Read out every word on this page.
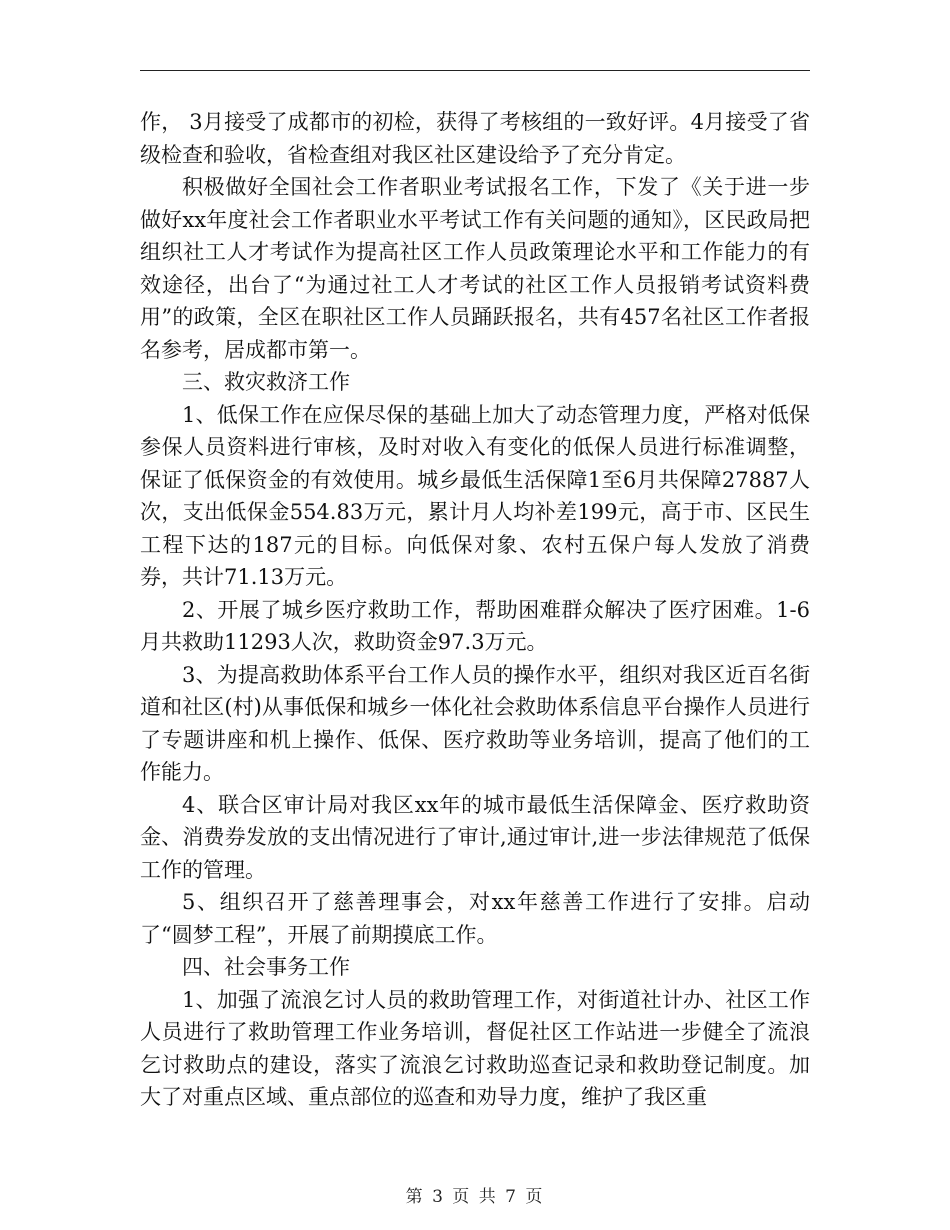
作， 3月接受了成都市的初检，获得了考核组的一致好评。4月接受了省级检查和验收，省检查组对我区社区建设给予了充分肯定。

积极做好全国社会工作者职业考试报名工作，下发了《关于进一步做好xx年度社会工作者职业水平考试工作有关问题的通知》，区民政局把组织社工人才考试作为提高社区工作人员政策理论水平和工作能力的有效途径，出台了“为通过社工人才考试的社区工作人员报销考试资料费用”的政策，全区在职社区工作人员踊跃报名，共有457名社区工作者报名参考，居成都市第一。

三、救灾救济工作

1、低保工作在应保尽保的基础上加大了动态管理力度，严格对低保参保人员资料进行审核，及时对收入有变化的低保人员进行标准调整，保证了低保资金的有效使用。城乡最低生活保障1至6月共保障27887人次，支出低保金554.83万元，累计月人均补差199元，高于市、区民生工程下达的187元的目标。向低保对象、农村五保户每人发放了消费券，共计71.13万元。

2、开展了城乡医疗救助工作，帮助困难群众解决了医疗困难。1-6月共救助11293人次，救助资金97.3万元。

3、为提高救助体系平台工作人员的操作水平，组织对我区近百名街道和社区(村)从事低保和城乡一体化社会救助体系信息平台操作人员进行了专题讲座和机上操作、低保、医疗救助等业务培训，提高了他们的工作能力。

4、联合区审计局对我区xx年的城市最低生活保障金、医疗救助资金、消费券发放的支出情况进行了审计,通过审计,进一步法律规范了低保工作的管理。

5、组织召开了慈善理事会，对xx年慈善工作进行了安排。启动了“圆梦工程”，开展了前期摸底工作。

四、社会事务工作

1、加强了流浪乞讨人员的救助管理工作，对街道社计办、社区工作人员进行了救助管理工作业务培训，督促社区工作站进一步健全了流浪乞讨救助点的建设，落实了流浪乞讨救助巡查记录和救助登记制度。加大了对重点区域、重点部位的巡查和劝导力度，维护了我区重

第 3 页 共 7 页
